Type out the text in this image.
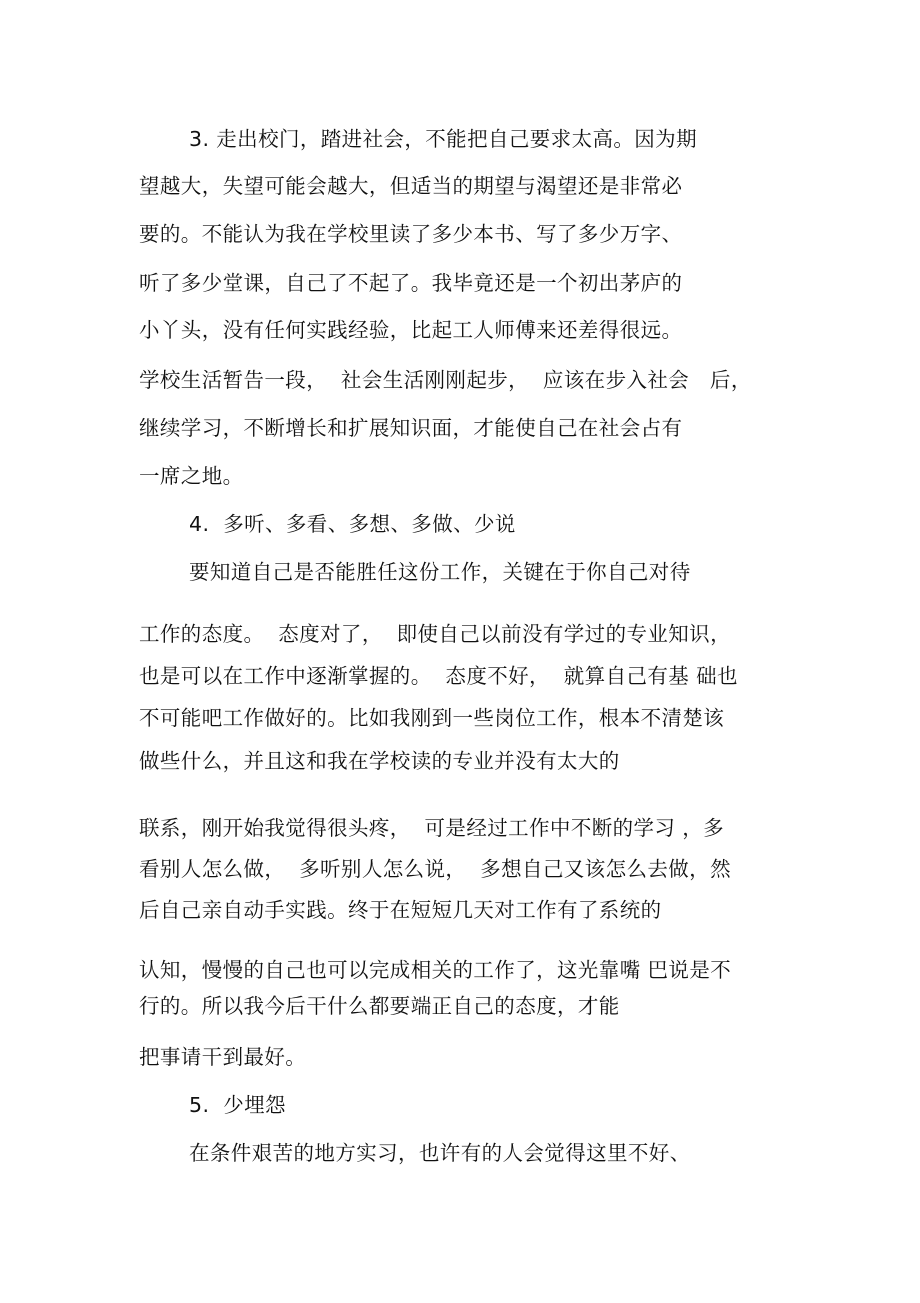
3. 走出校门，踏进社会，不能把自己要求太高。因为期
望越大，失望可能会越大，但适当的期望与渴望还是非常必
要的。不能认为我在学校里读了多少本书、写了多少万字、
听了多少堂课，自己了不起了。我毕竟还是一个初出茅庐的
小丫头，没有任何实践经验，比起工人师傅来还差得很远。
学校生活暂告一段，  社会生活刚刚起步，  应该在步入社会   后，
继续学习，不断增长和扩展知识面，才能使自己在社会占有
一席之地。
4.  多听、多看、多想、多做、少说
要知道自己是否能胜任这份工作，关键在于你自己对待
工作的态度。  态度对了，  即使自己以前没有学过的专业知识，
也是可以在工作中逐渐掌握的。  态度不好，  就算自己有基 础也
不可能吧工作做好的。比如我刚到一些岗位工作，根本不清楚该
做些什么，并且这和我在学校读的专业并没有太大的
联系，刚开始我觉得很头疼，  可是经过工作中不断的学习 ，多
看别人怎么做，  多听别人怎么说，  多想自己又该怎么去做，然
后自己亲自动手实践。终于在短短几天对工作有了系统的
认知，慢慢的自己也可以完成相关的工作了，这光靠嘴 巴说是不
行的。所以我今后干什么都要端正自己的态度，才能
把事请干到最好。
5.  少埋怨
在条件艰苦的地方实习，也许有的人会觉得这里不好、
